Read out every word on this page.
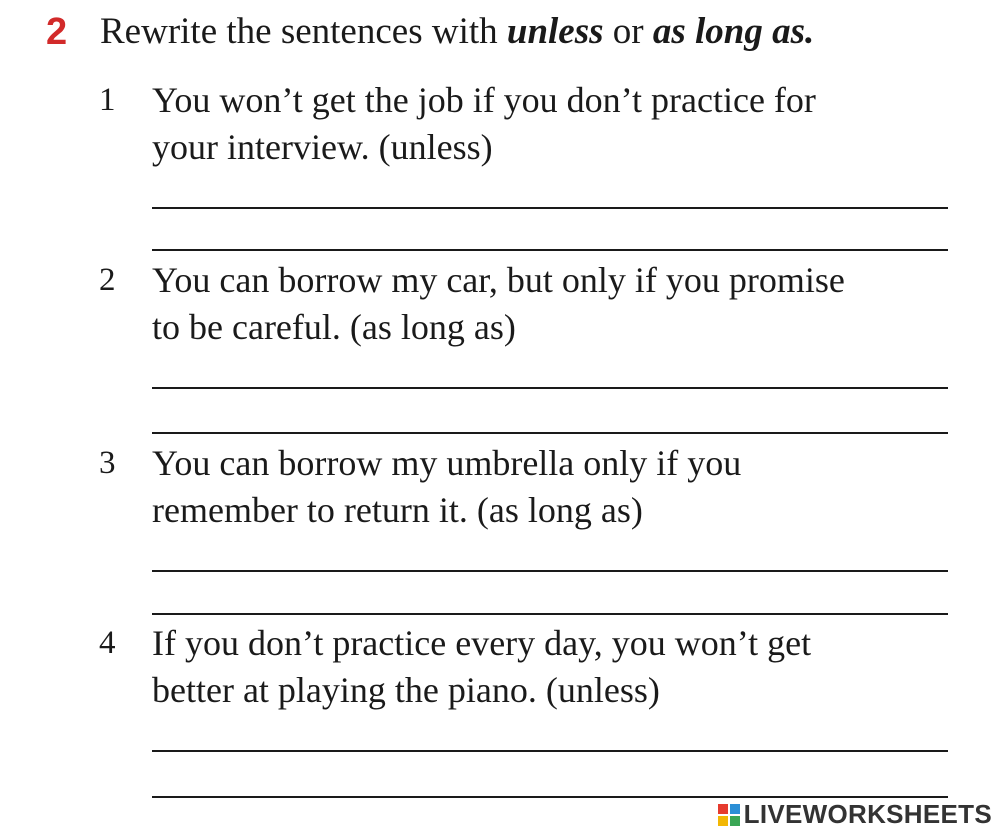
2 Rewrite the sentences with unless or as long as.
1 You won’t get the job if you don’t practice for
your interview. (unless)
2 You can borrow my car, but only if you promise
to be careful. (as long as)
3 You can borrow my umbrella only if you
remember to return it. (as long as)
4 If you don’t practice every day, you won’t get
better at playing the piano. (unless)
LIVEWORKSHEETS
